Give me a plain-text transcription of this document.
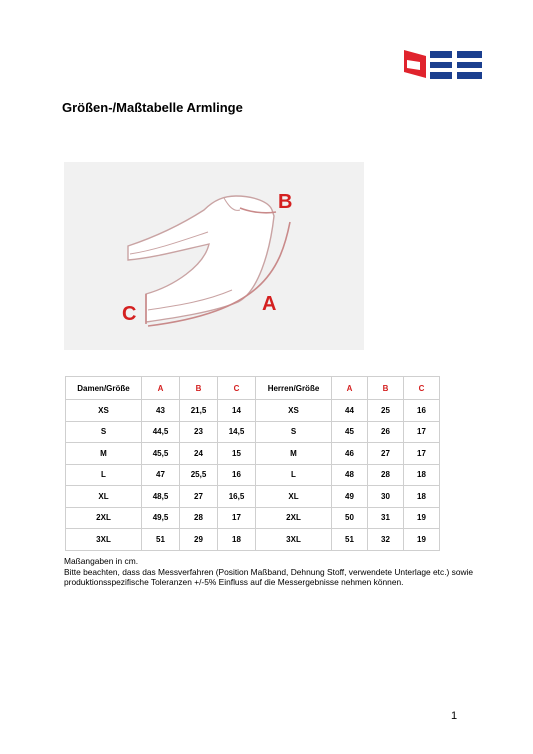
Größen-/Maßtabelle Armlinge
B
A
C
Damen/Größe	A	B	C	Herren/Größe	A	B	C
XS	43	21,5	14	XS	44	25	16
S	44,5	23	14,5	S	45	26	17
M	45,5	24	15	M	46	27	17
L	47	25,5	16	L	48	28	18
XL	48,5	27	16,5	XL	49	30	18
2XL	49,5	28	17	2XL	50	31	19
3XL	51	29	18	3XL	51	32	19

Maßangaben in cm.

Bitte beachten, dass das Messverfahren (Position Maßband, Dehnung Stoff, verwendete Unterlage etc.) sowie produktionsspezifische Toleranzen +/-5% Einfluss auf die Messergebnisse nehmen können.

1
